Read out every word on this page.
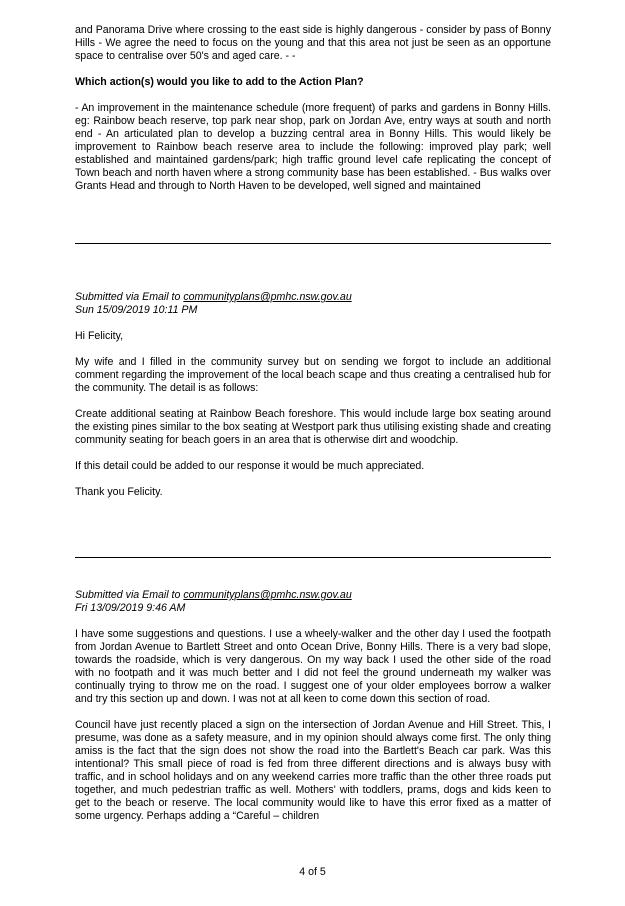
and Panorama Drive where crossing to the east side is highly dangerous - consider by pass of Bonny Hills - We agree the need to focus on the young and that this area not just be seen as an opportune space to centralise over 50's and aged care. - -

Which action(s) would you like to add to the Action Plan?

- An improvement in the maintenance schedule (more frequent) of parks and gardens in Bonny Hills. eg: Rainbow beach reserve, top park near shop, park on Jordan Ave, entry ways at south and north end - An articulated plan to develop a buzzing central area in Bonny Hills. This would likely be improvement to Rainbow beach reserve area to include the following: improved play park; well established and maintained gardens/park; high traffic ground level cafe replicating the concept of Town beach and north haven where a strong community base has been established. - Bus walks over Grants Head and through to North Haven to be developed, well signed and maintained

Submitted via Email to communityplans@pmhc.nsw.gov.au

Sun 15/09/2019 10:11 PM

Hi Felicity,

My wife and I filled in the community survey but on sending we forgot to include an additional comment regarding the improvement of the local beach scape and thus creating a centralised hub for the community. The detail is as follows:

Create additional seating at Rainbow Beach foreshore. This would include large box seating around the existing pines similar to the box seating at Westport park thus utilising existing shade and creating community seating for beach goers in an area that is otherwise dirt and woodchip.

If this detail could be added to our response it would be much appreciated.

Thank you Felicity.

Submitted via Email to communityplans@pmhc.nsw.gov.au

Fri 13/09/2019 9:46 AM

I have some suggestions and questions. I use a wheely-walker and the other day I used the footpath from Jordan Avenue to Bartlett Street and onto Ocean Drive, Bonny Hills. There is a very bad slope, towards the roadside, which is very dangerous. On my way back I used the other side of the road with no footpath and it was much better and I did not feel the ground underneath my walker was continually trying to throw me on the road. I suggest one of your older employees borrow a walker and try this section up and down. I was not at all keen to come down this section of road.

Council have just recently placed a sign on the intersection of Jordan Avenue and Hill Street. This, I presume, was done as a safety measure, and in my opinion should always come first. The only thing amiss is the fact that the sign does not show the road into the Bartlett's Beach car park. Was this intentional? This small piece of road is fed from three different directions and is always busy with traffic, and in school holidays and on any weekend carries more traffic than the other three roads put together, and much pedestrian traffic as well. Mothers' with toddlers, prams, dogs and kids keen to get to the beach or reserve. The local community would like to have this error fixed as a matter of some urgency. Perhaps adding a “Careful – children

4 of 5
